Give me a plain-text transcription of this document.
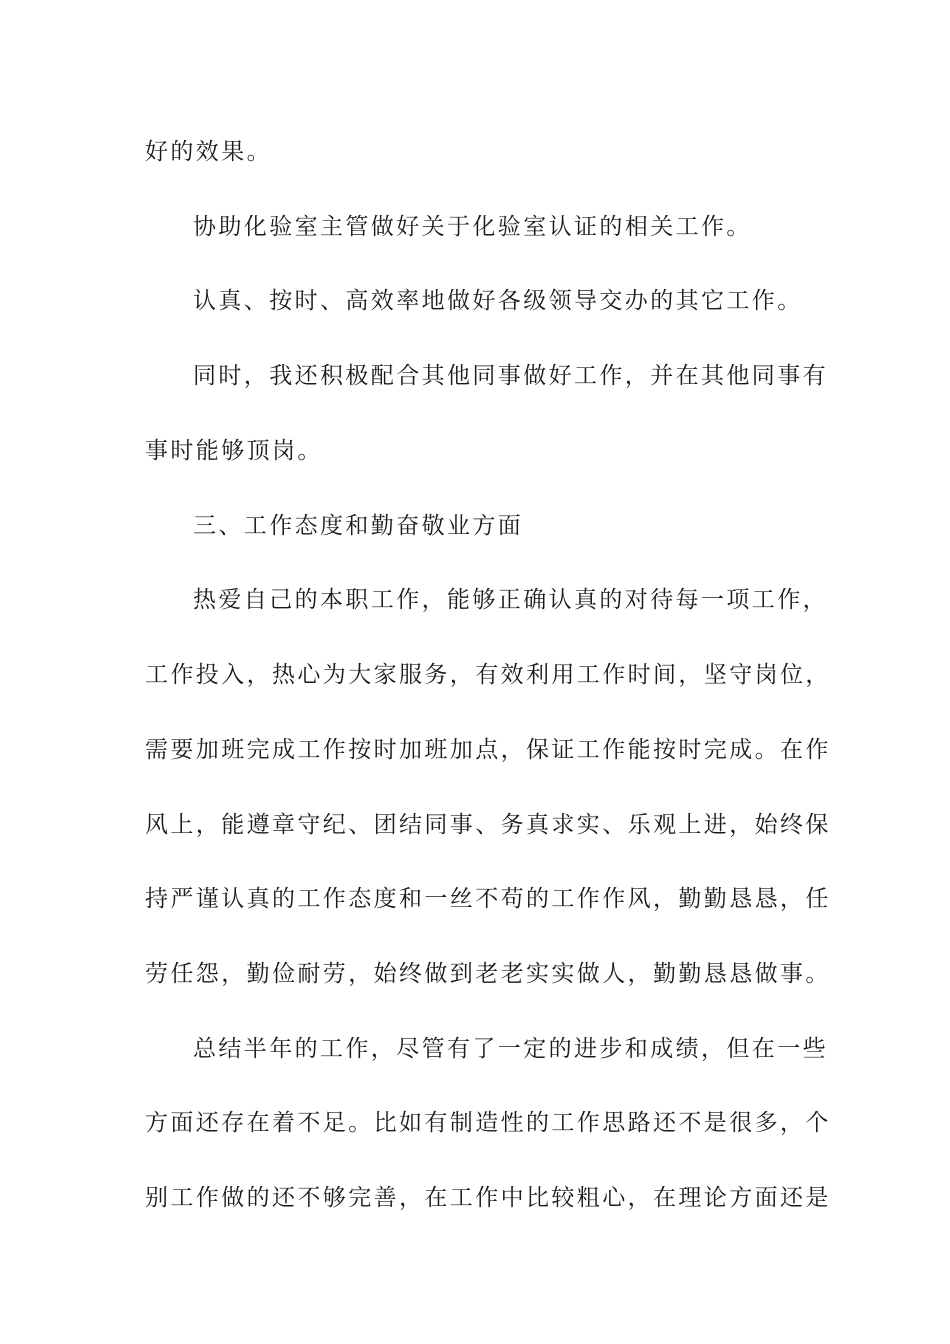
好的效果。

协助化验室主管做好关于化验室认证的相关工作。

认真、按时、高效率地做好各级领导交办的其它工作。

同时，我还积极配合其他同事做好工作，并在其他同事有

事时能够顶岗。

三、工作态度和勤奋敬业方面

热爱自己的本职工作，能够正确认真的对待每一项工作，

工作投入，热心为大家服务，有效利用工作时间，坚守岗位，

需要加班完成工作按时加班加点，保证工作能按时完成。在作

风上，能遵章守纪、团结同事、务真求实、乐观上进，始终保

持严谨认真的工作态度和一丝不苟的工作作风，勤勤恳恳，任

劳任怨，勤俭耐劳，始终做到老老实实做人，勤勤恳恳做事。

总结半年的工作，尽管有了一定的进步和成绩，但在一些

方面还存在着不足。比如有制造性的工作思路还不是很多，个

别工作做的还不够完善，在工作中比较粗心，在理论方面还是
